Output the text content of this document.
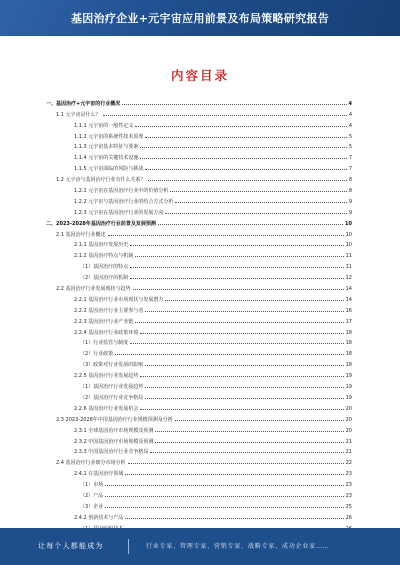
基因治疗企业+元宇宙应用前景及布局策略研究报告
内容目录
一、基因治疗+元宇宙的行业概况	4
1.1 元宇宙是什么？	4
1.1.1 元宇宙的一般性定义	4
1.1.2 元宇宙的系统性技术原理	5
1.1.3 元宇宙基本特征与要素	5
1.1.4 元宇宙的关键技术设施	7
1.1.5 元宇宙面临的风险与挑战	7
1.2 元宇宙与基因治疗行业有什么关系？	8
1.2.1 元宇宙在基因治疗行业中的价值分析	8
1.2.2 元宇宙与基因治疗行业的结合方式分析	9
1.2.3 元宇宙在基因治疗行业的发展方向	9
二、2023-2028年基因治疗行业前景及发展预测	10
2.1 基因治疗行业概述	10
2.1.1 基因治疗发展历史	10
2.1.2 基因治疗特点与机制	11
（1）基因治疗的特点	11
（2）基因治疗的机制	12
2.2 基因治疗行业发展现状与趋势	14
2.2.1 基因治疗行业市场现状与发展潜力	14
2.2.2 基因治疗行业主要参与者	16
2.2.3 基因治疗行业产业链	17
2.2.4 基因治疗行业政策环境	18
（1）行业监管与制度	18
（2）行业政策	18
（3）政策对行业发展的影响	18
2.2.5 基因治疗行业发展趋势	19
（1）基因治疗行业发展趋势	19
（2）基因治疗行业竞争格局	19
2.2.6 基因治疗行业发展机会	20
2.3 2023-2028年中国基因治疗行业规模预测及分析	20
2.3.1 全球基因治疗市场规模及预测	20
2.3.2 中国基因治疗市场规模及预测	21
2.3.3 中国基因治疗行业竞争格局	21
2.4 基因治疗行业细分市场分析	22
2.4.1 在基因治疗领域	23
（1）市场	23
（2）产品	23
（3）企业	25
2.4.2 创新技术与产品	26
让每个人都能成为	行业专家、管理专家、营销专家、战略专家、成功企业家……
